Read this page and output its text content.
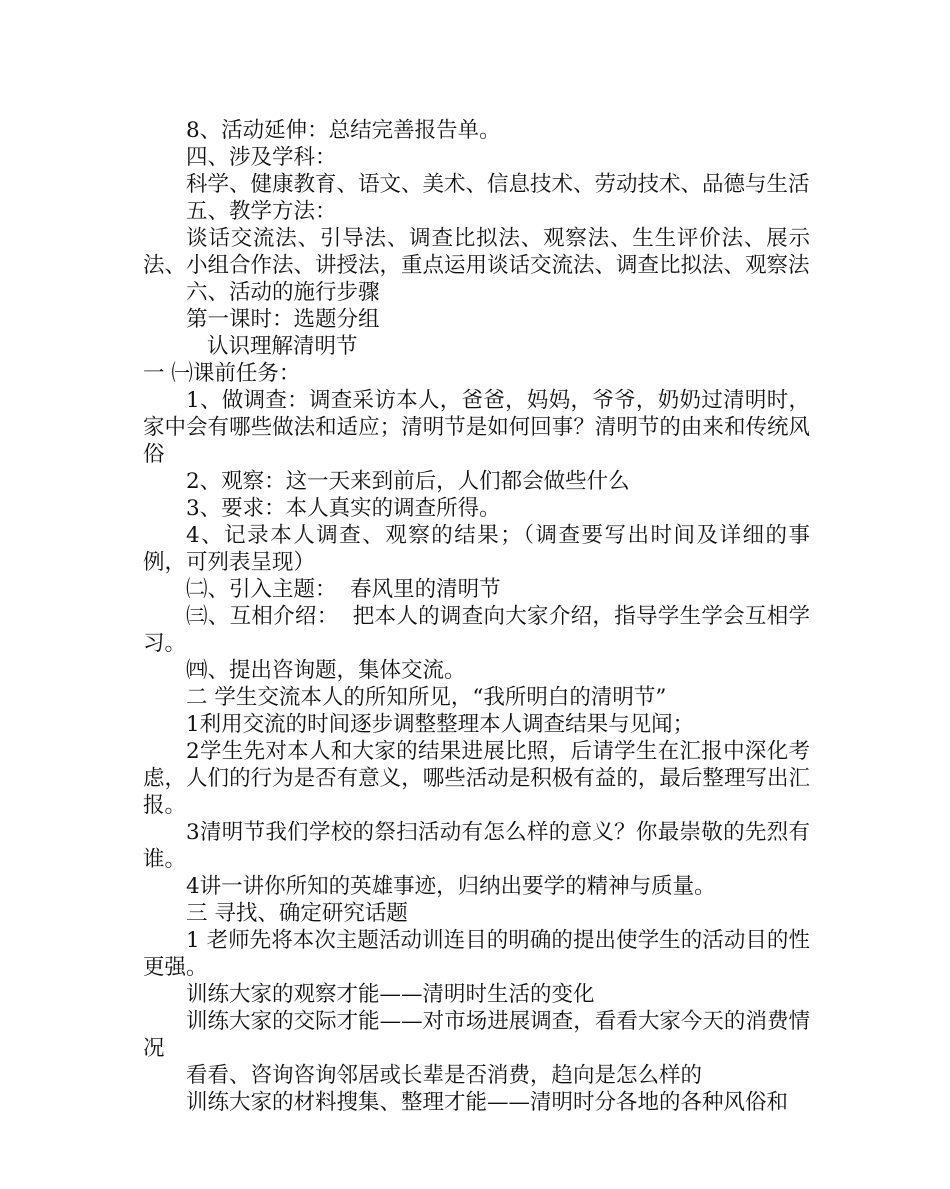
8、活动延伸：总结完善报告单。

四、涉及学科：

科学、健康教育、语文、美术、信息技术、劳动技术、品德与生活

五、教学方法：

谈话交流法、引导法、调查比拟法、观察法、生生评价法、展示法、小组合作法、讲授法，重点运用谈话交流法、调查比拟法、观察法

六、活动的施行步骤

第一课时：选题分组

认识理解清明节

一 ㈠课前任务：

1、做调查：调查采访本人，爸爸，妈妈，爷爷，奶奶过清明时，家中会有哪些做法和适应；清明节是如何回事？清明节的由来和传统风俗

2、观察：这一天来到前后，人们都会做些什么

3、要求：本人真实的调查所得。

4、记录本人调查、观察的结果；（调查要写出时间及详细的事例，可列表呈现）

㈡、引入主题：  春风里的清明节

㈢、互相介绍：  把本人的调查向大家介绍，指导学生学会互相学习。

㈣、提出咨询题，集体交流。

二 学生交流本人的所知所见，“我所明白的清明节”

1利用交流的时间逐步调整整理本人调查结果与见闻；

2学生先对本人和大家的结果进展比照，后请学生在汇报中深化考虑，人们的行为是否有意义，哪些活动是积极有益的，最后整理写出汇报。

3清明节我们学校的祭扫活动有怎么样的意义？你最崇敬的先烈有谁。

4讲一讲你所知的英雄事迹，归纳出要学的精神与质量。

三 寻找、确定研究话题

1 老师先将本次主题活动训连目的明确的提出使学生的活动目的性更强。

训练大家的观察才能——清明时生活的变化

训练大家的交际才能——对市场进展调查，看看大家今天的消费情况

看看、咨询咨询邻居或长辈是否消费，趋向是怎么样的

训练大家的材料搜集、整理才能——清明时分各地的各种风俗和
